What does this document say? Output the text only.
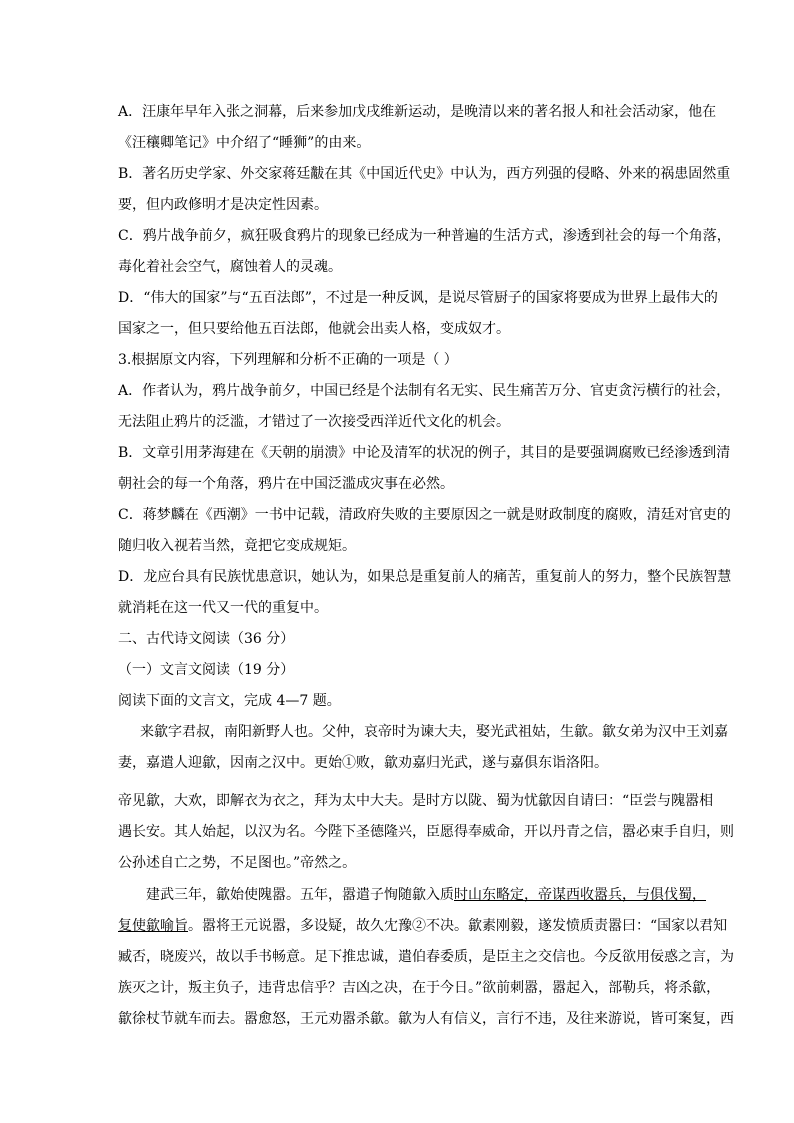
A．汪康年早年入张之洞幕，后来参加戊戌维新运动，是晚清以来的著名报人和社会活动家，他在
《汪穰卿笔记》中介绍了“睡狮”的由来。
B．著名历史学家、外交家蒋廷黻在其《中国近代史》中认为，西方列强的侵略、外来的祸患固然重
要，但内政修明才是决定性因素。
C．鸦片战争前夕，疯狂吸食鸦片的现象已经成为一种普遍的生活方式，渗透到社会的每一个角落，
毒化着社会空气，腐蚀着人的灵魂。
D．“伟大的国家”与“五百法郎”，不过是一种反讽，是说尽管厨子的国家将要成为世界上最伟大的
国家之一，但只要给他五百法郎，他就会出卖人格，变成奴才。
3.根据原文内容，下列理解和分析不正确的一项是（ ）
A．作者认为，鸦片战争前夕，中国已经是个法制有名无实、民生痛苦万分、官吏贪污横行的社会，
无法阻止鸦片的泛滥，才错过了一次接受西洋近代文化的机会。
B．文章引用茅海建在《天朝的崩溃》中论及清军的状况的例子，其目的是要强调腐败已经渗透到清
朝社会的每一个角落，鸦片在中国泛滥成灾事在必然。
C．蒋梦麟在《西潮》一书中记载，清政府失败的主要原因之一就是财政制度的腐败，清廷对官吏的
随归收入视若当然，竟把它变成规矩。
D．龙应台具有民族忧患意识，她认为，如果总是重复前人的痛苦，重复前人的努力，整个民族智慧
就消耗在这一代又一代的重复中。
二、古代诗文阅读（36 分）
（一）文言文阅读（19 分）
阅读下面的文言文，完成 4—7 题。
来歙字君叔，南阳新野人也。父仲，哀帝时为谏大夫，娶光武祖姑，生歙。歙女弟为汉中王刘嘉
妻，嘉遣人迎歙，因南之汉中。更始①败，歙劝嘉归光武，遂与嘉俱东诣洛阳。
帝见歙，大欢，即解衣为衣之，拜为太中大夫。是时方以陇、蜀为忧歙因自请曰：“臣尝与隗嚣相
遇长安。其人始起，以汉为名。今陛下圣德隆兴，臣愿得奉威命，开以丹青之信，嚣必束手自归，则
公孙述自亡之势，不足图也。”帝然之。
建武三年，歙始使隗嚣。五年，嚣遣子恂随歙入质时山东略定，帝谋西收嚣兵，与俱伐蜀，
复使歙喻旨。嚣将王元说嚣，多设疑，故久冘豫②不决。歙素刚毅，遂发愤质责嚣曰：“国家以君知
臧否，晓废兴，故以手书畅意。足下推忠诚，遣伯春委质，是臣主之交信也。今反欲用佞惑之言，为
族灭之计，叛主负子，违背忠信乎？吉凶之决，在于今日。”欲前刺嚣，嚣起入，部勒兵，将杀歙，
歙徐杖节就车而去。嚣愈怒，王元劝嚣杀歙。歙为人有信义，言行不违，及往来游说，皆可案复，西
